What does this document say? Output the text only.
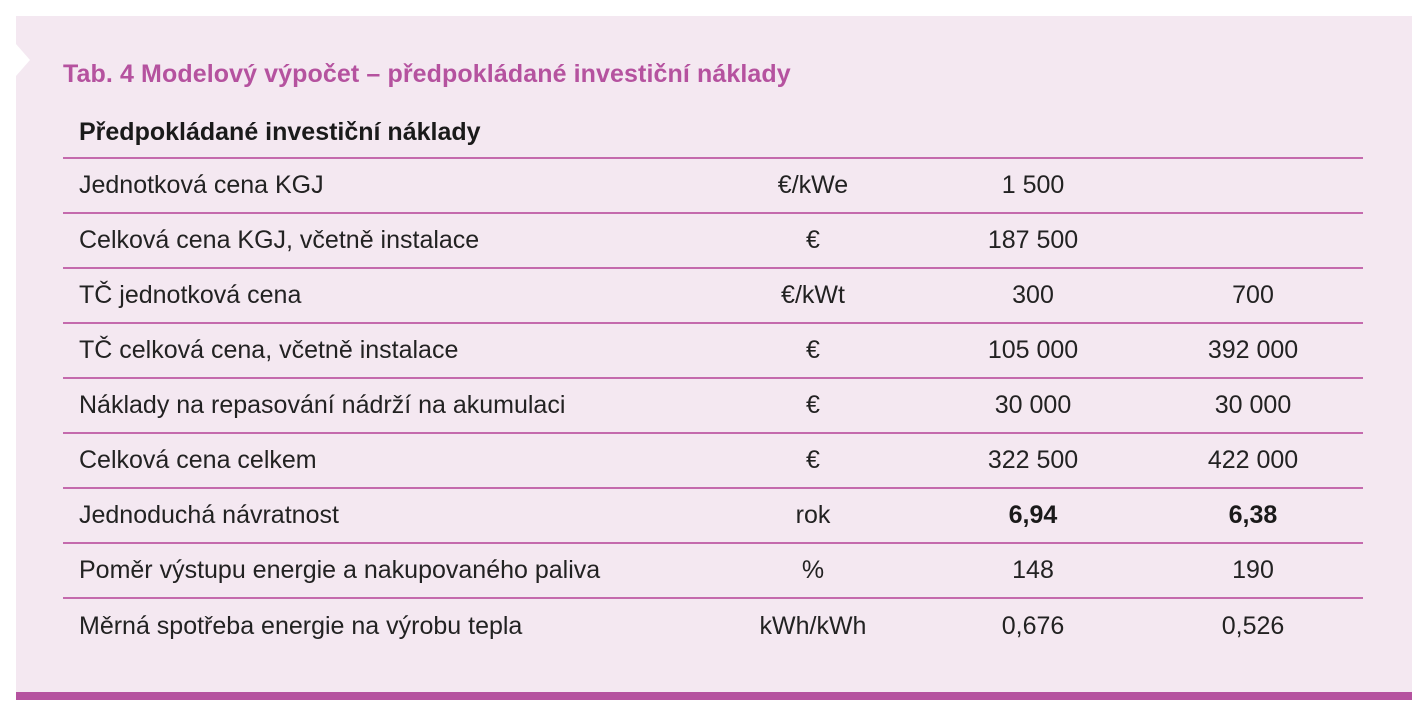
Tab. 4 Modelový výpočet – předpokládané investiční náklady
Předpokládané investiční náklady
Jednotková cena KGJ	€/kWe	1 500
Celková cena KGJ, včetně instalace	€	187 500
TČ jednotková cena	€/kWt	300	700
TČ celková cena, včetně instalace	€	105 000	392 000
Náklady na repasování nádrží na akumulaci	€	30 000	30 000
Celková cena celkem	€	322 500	422 000
Jednoduchá návratnost	rok	6,94	6,38
Poměr výstupu energie a nakupovaného paliva	%	148	190
Měrná spotřeba energie na výrobu tepla	kWh/kWh	0,676	0,526
